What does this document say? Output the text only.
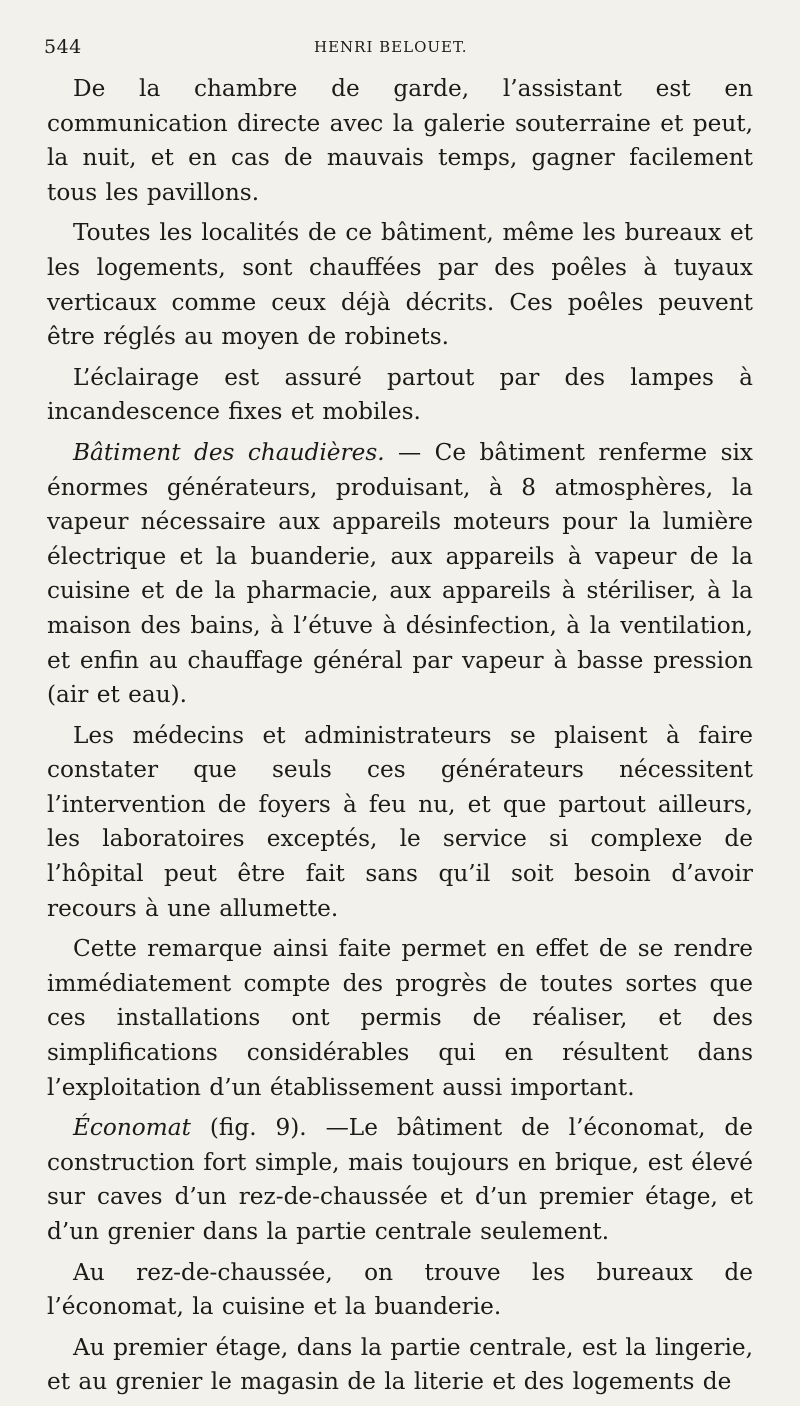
544	HENRI BELOUET.

De la chambre de garde, l’assistant est en communication directe avec la galerie souterraine et peut, la nuit, et en cas de mauvais temps, gagner facilement tous les pavillons.

Toutes les localités de ce bâtiment, même les bureaux et les logements, sont chauffées par des poêles à tuyaux verticaux comme ceux déjà décrits. Ces poêles peuvent être réglés au moyen de robinets.

L’éclairage est assuré partout par des lampes à incandescence fixes et mobiles.

Bâtiment des chaudières. — Ce bâtiment renferme six énormes générateurs, produisant, à 8 atmosphères, la vapeur nécessaire aux appareils moteurs pour la lumière électrique et la buanderie, aux appareils à vapeur de la cuisine et de la pharmacie, aux appareils à stériliser, à la maison des bains, à l’étuve à désinfection, à la ventilation, et enfin au chauffage général par vapeur à basse pression (air et eau).

Les médecins et administrateurs se plaisent à faire constater que seuls ces générateurs nécessitent l’intervention de foyers à feu nu, et que partout ailleurs, les laboratoires exceptés, le service si complexe de l’hôpital peut être fait sans qu’il soit besoin d’avoir recours à une allumette.

Cette remarque ainsi faite permet en effet de se rendre immédiatement compte des progrès de toutes sortes que ces installations ont permis de réaliser, et des simplifications considérables qui en résultent dans l’exploitation d’un établissement aussi important.

Économat (fig. 9). —Le bâtiment de l’économat, de construction fort simple, mais toujours en brique, est élevé sur caves d’un rez-de-chaussée et d’un premier étage, et d’un grenier dans la partie centrale seulement.

Au rez-de-chaussée, on trouve les bureaux de l’économat, la cuisine et la buanderie.

Au premier étage, dans la partie centrale, est la lingerie, et au grenier le magasin de la literie et des logements de
